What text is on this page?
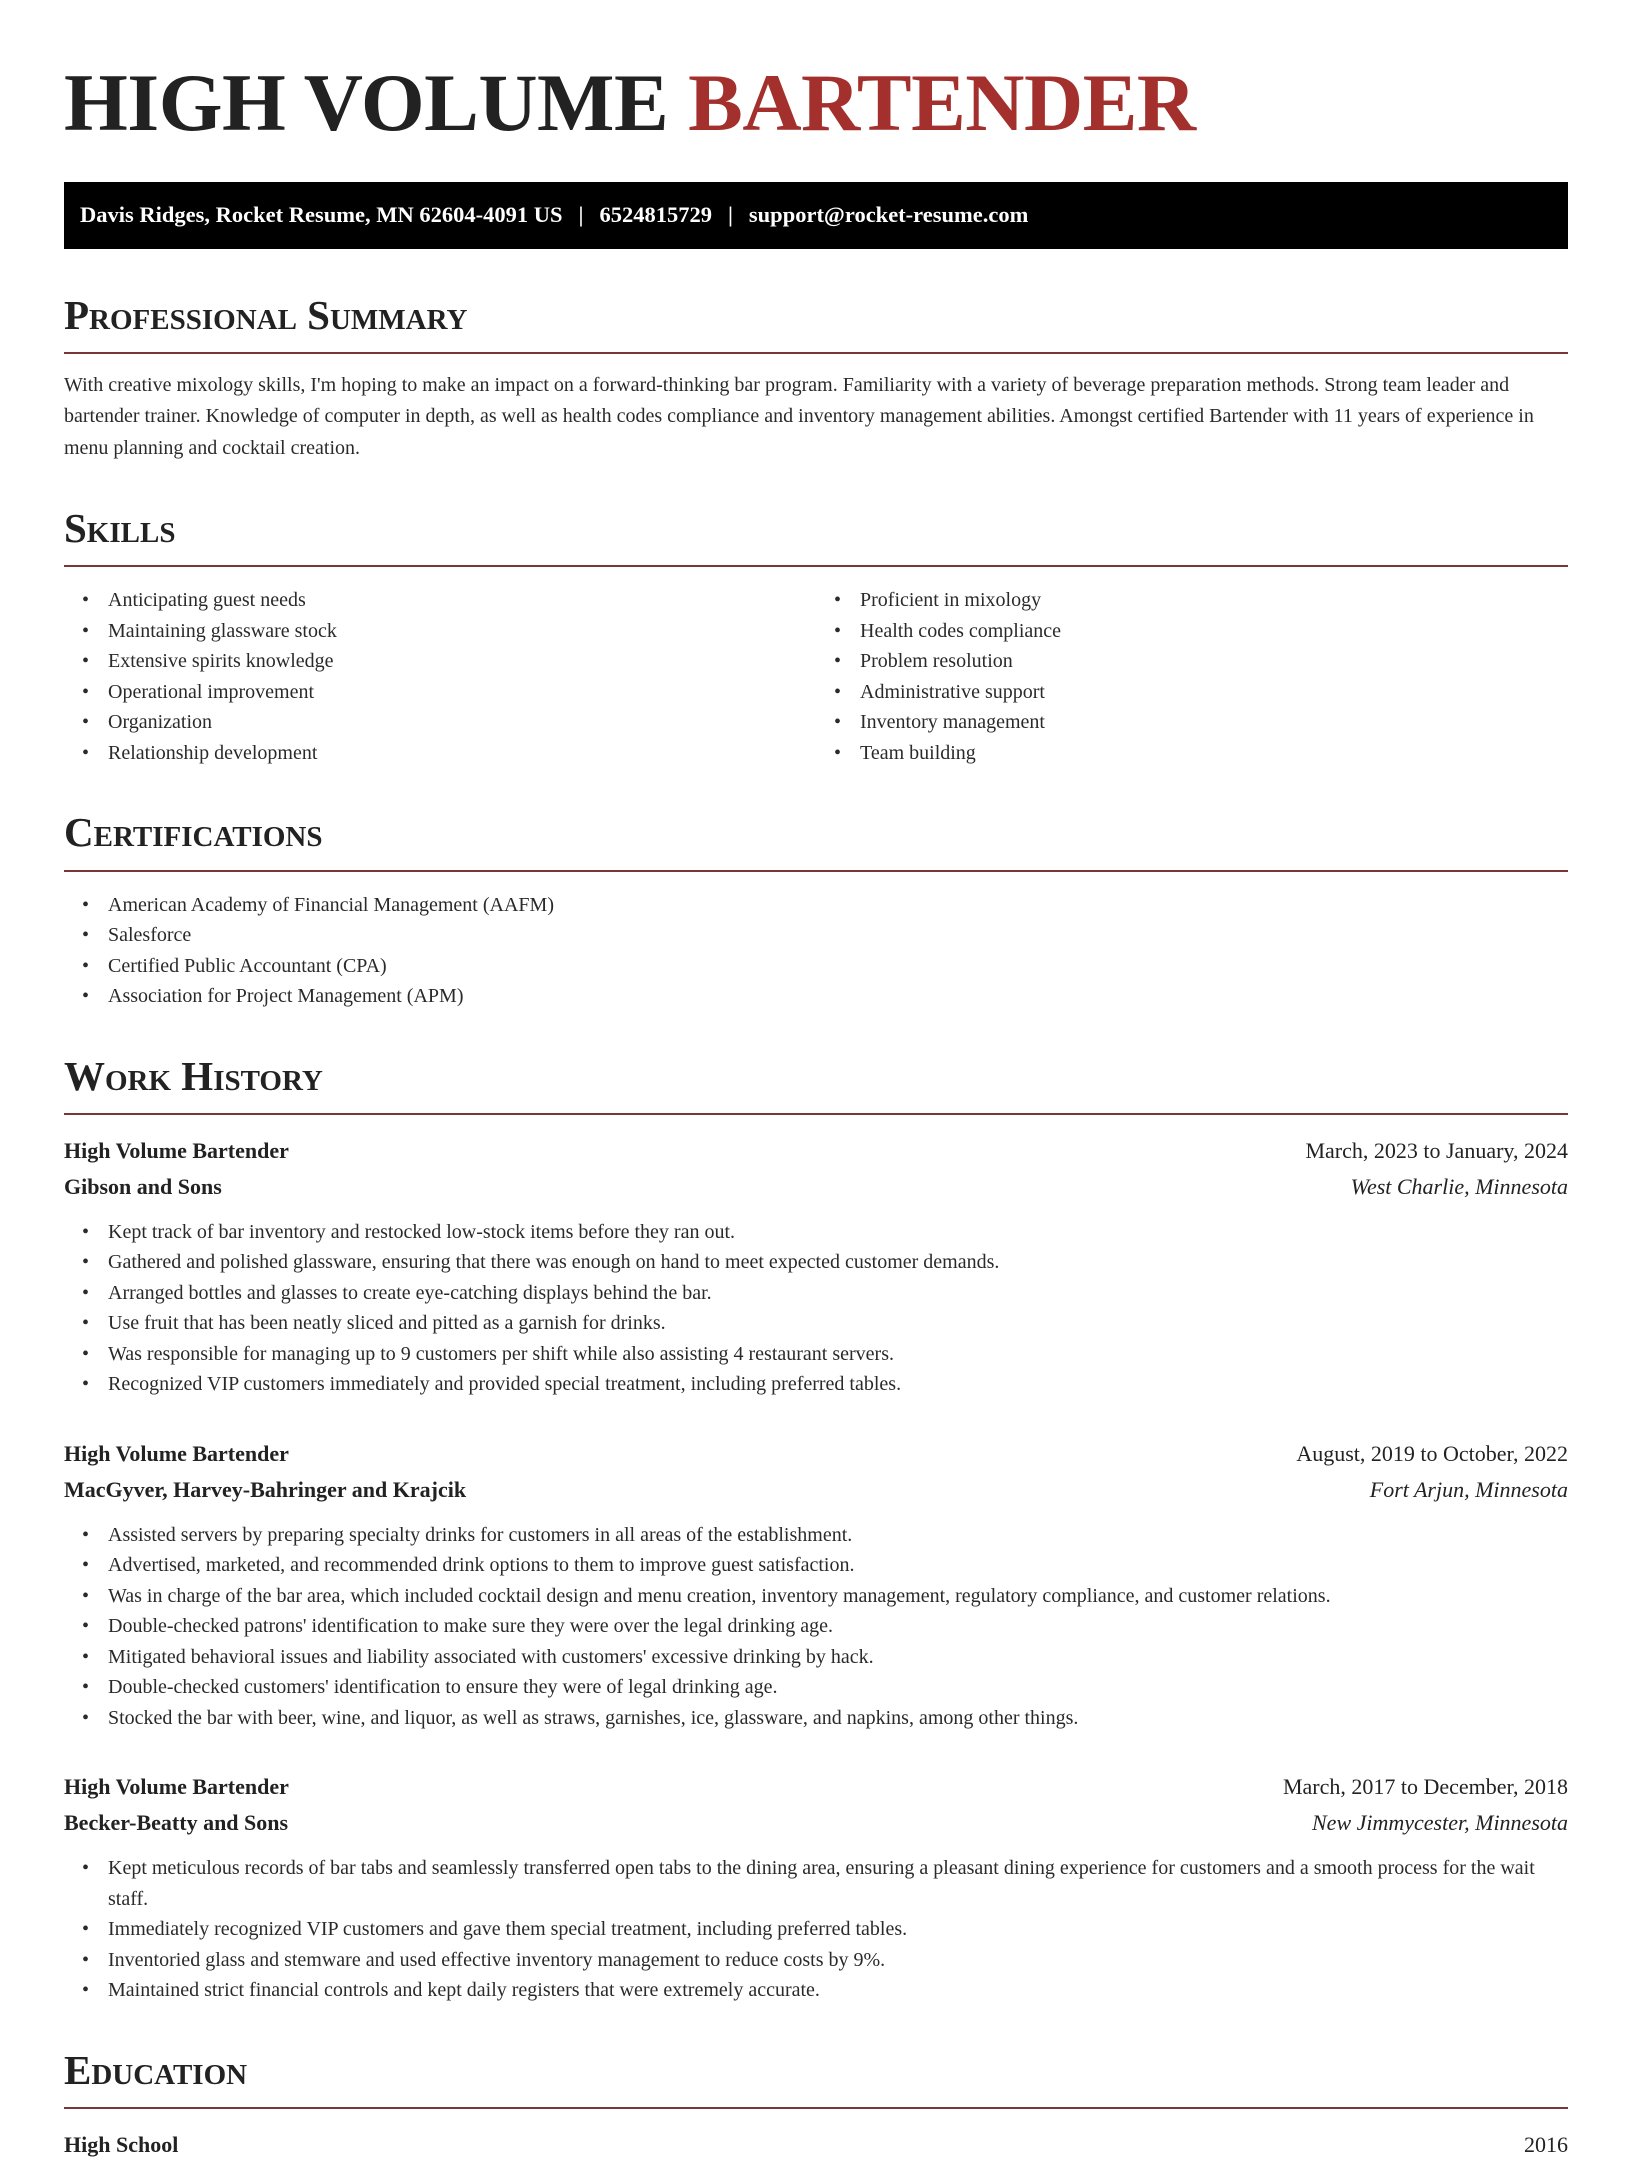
HIGH VOLUME BARTENDER
Davis Ridges, Rocket Resume, MN 62604-4091 US | 6524815729 | support@rocket-resume.com
Professional Summary

With creative mixology skills, I'm hoping to make an impact on a forward-thinking bar program. Familiarity with a variety of beverage preparation methods. Strong team leader and bartender trainer. Knowledge of computer in depth, as well as health codes compliance and inventory management abilities. Amongst certified Bartender with 11 years of experience in menu planning and cocktail creation.

Skills
• Anticipating guest needs
• Maintaining glassware stock
• Extensive spirits knowledge
• Operational improvement
• Organization
• Relationship development
• Proficient in mixology
• Health codes compliance
• Problem resolution
• Administrative support
• Inventory management
• Team building
Certifications
• American Academy of Financial Management (AAFM)
• Salesforce
• Certified Public Accountant (CPA)
• Association for Project Management (APM)
Work History
High Volume Bartender	March, 2023 to January, 2024
Gibson and Sons	West Charlie, Minnesota
• Kept track of bar inventory and restocked low-stock items before they ran out.
• Gathered and polished glassware, ensuring that there was enough on hand to meet expected customer demands.
• Arranged bottles and glasses to create eye-catching displays behind the bar.
• Use fruit that has been neatly sliced and pitted as a garnish for drinks.
• Was responsible for managing up to 9 customers per shift while also assisting 4 restaurant servers.
• Recognized VIP customers immediately and provided special treatment, including preferred tables.
High Volume Bartender	August, 2019 to October, 2022
MacGyver, Harvey-Bahringer and Krajcik	Fort Arjun, Minnesota
• Assisted servers by preparing specialty drinks for customers in all areas of the establishment.
• Advertised, marketed, and recommended drink options to them to improve guest satisfaction.
• Was in charge of the bar area, which included cocktail design and menu creation, inventory management, regulatory compliance, and customer relations.
• Double-checked patrons' identification to make sure they were over the legal drinking age.
• Mitigated behavioral issues and liability associated with customers' excessive drinking by hack.
• Double-checked customers' identification to ensure they were of legal drinking age.
• Stocked the bar with beer, wine, and liquor, as well as straws, garnishes, ice, glassware, and napkins, among other things.
High Volume Bartender	March, 2017 to December, 2018
Becker-Beatty and Sons	New Jimmycester, Minnesota
• Kept meticulous records of bar tabs and seamlessly transferred open tabs to the dining area, ensuring a pleasant dining experience for customers and a smooth process for the wait staff.
• Immediately recognized VIP customers and gave them special treatment, including preferred tables.
• Inventoried glass and stemware and used effective inventory management to reduce costs by 9%.
• Maintained strict financial controls and kept daily registers that were extremely accurate.
Education
High School	2016
